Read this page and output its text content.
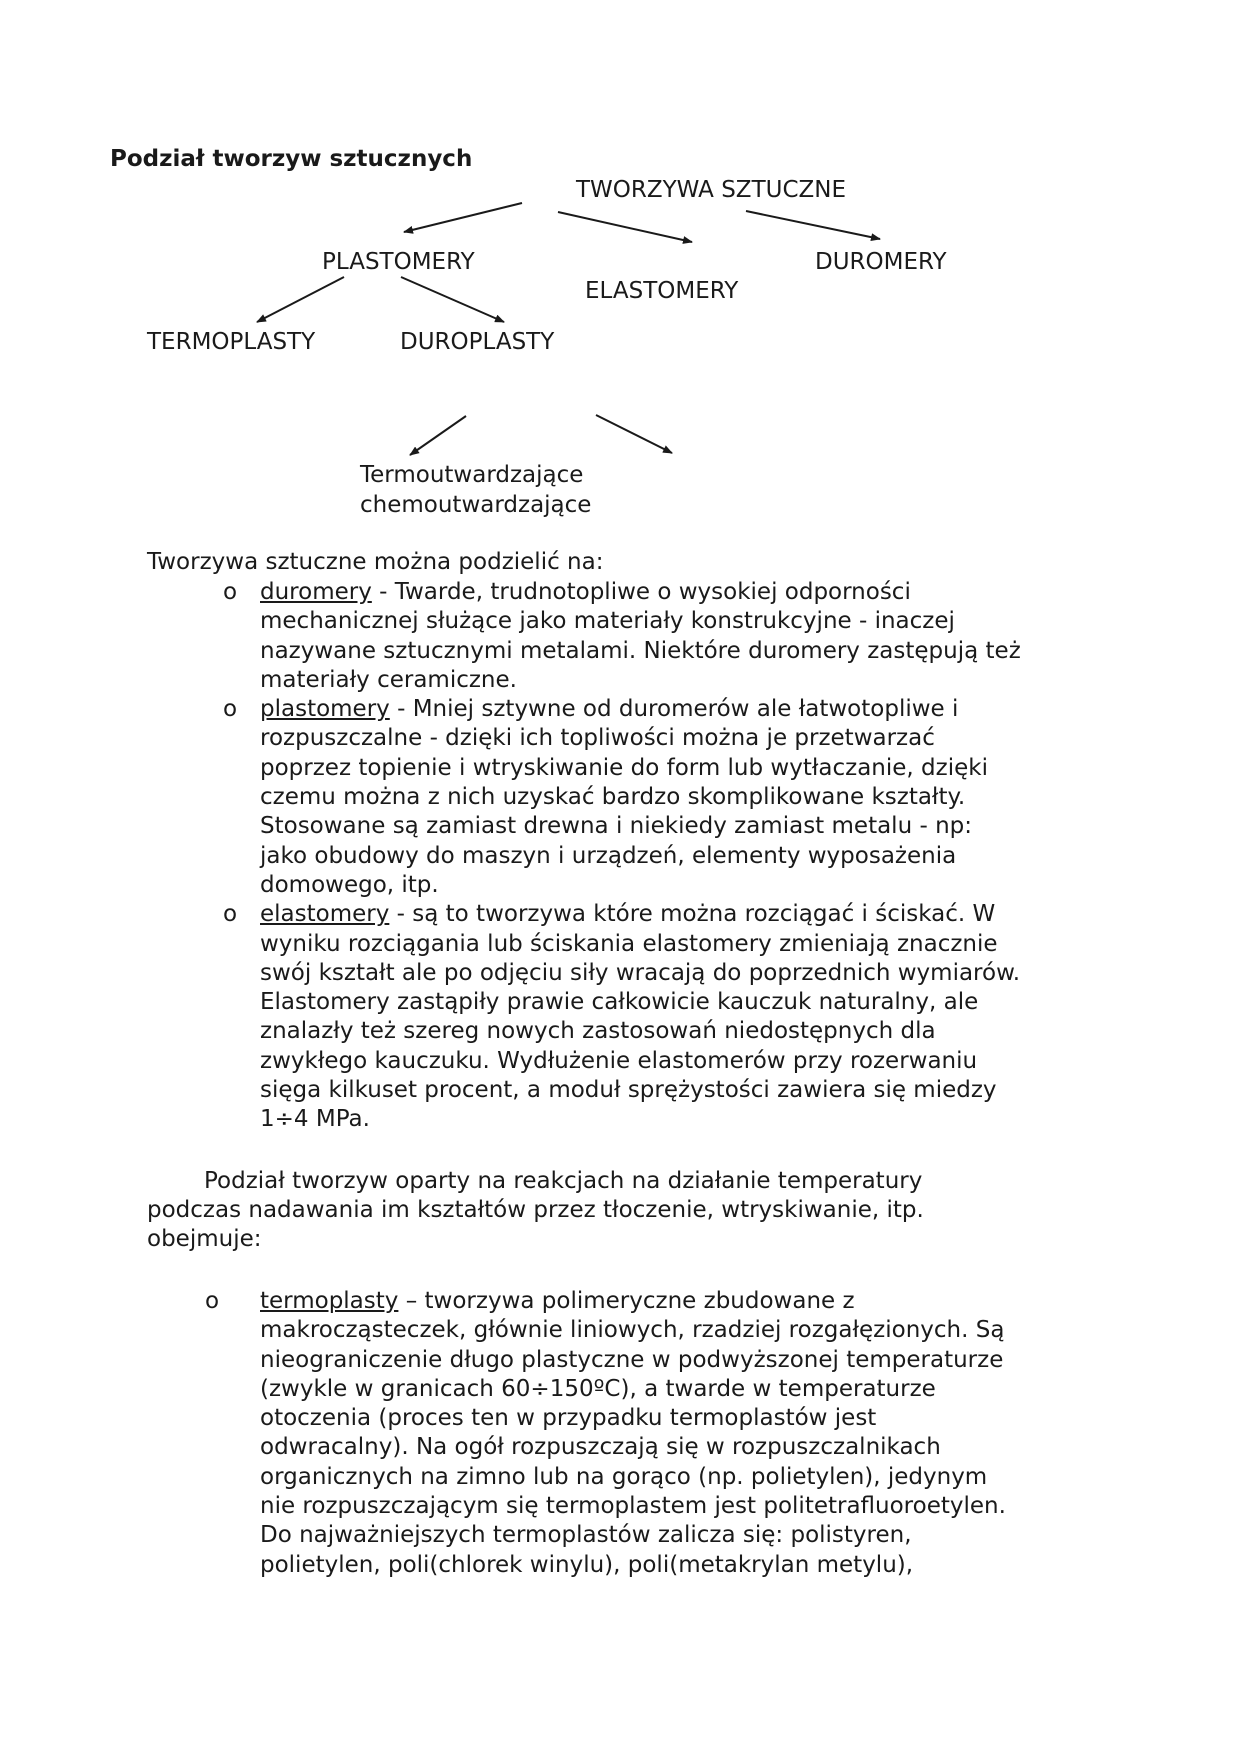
Podział tworzyw sztucznych
TWORZYWA SZTUCZNE
PLASTOMERY
ELASTOMERY
DUROMERY
TERMOPLASTY	DUROPLASTY
Termoutwardzające
chemoutwardzające
Tworzywa sztuczne można podzielić na:
o duromery - Twarde, trudnotopliwe o wysokiej odporności
mechanicznej służące jako materiały konstrukcyjne - inaczej
nazywane sztucznymi metalami. Niektóre duromery zastępują też
materiały ceramiczne.
o plastomery - Mniej sztywne od duromerów ale łatwotopliwe i
rozpuszczalne - dzięki ich topliwości można je przetwarzać
poprzez topienie i wtryskiwanie do form lub wytłaczanie, dzięki
czemu można z nich uzyskać bardzo skomplikowane kształty.
Stosowane są zamiast drewna i niekiedy zamiast metalu - np:
jako obudowy do maszyn i urządzeń, elementy wyposażenia
domowego, itp.
o elastomery - są to tworzywa które można rozciągać i ściskać. W
wyniku rozciągania lub ściskania elastomery zmieniają znacznie
swój kształt ale po odjęciu siły wracają do poprzednich wymiarów.
Elastomery zastąpiły prawie całkowicie kauczuk naturalny, ale
znalazły też szereg nowych zastosowań niedostępnych dla
zwykłego kauczuku. Wydłużenie elastomerów przy rozerwaniu
sięga kilkuset procent, a moduł sprężystości zawiera się miedzy
1÷4 MPa.
Podział tworzyw oparty na reakcjach na działanie temperatury
podczas nadawania im kształtów przez tłoczenie, wtryskiwanie, itp.
obejmuje:
o termoplasty – tworzywa polimeryczne zbudowane z
makrocząsteczek, głównie liniowych, rzadziej rozgałęzionych. Są
nieograniczenie długo plastyczne w podwyższonej temperaturze
(zwykle w granicach 60÷150ºC), a twarde w temperaturze
otoczenia (proces ten w przypadku termoplastów jest
odwracalny). Na ogół rozpuszczają się w rozpuszczalnikach
organicznych na zimno lub na gorąco (np. polietylen), jedynym
nie rozpuszczającym się termoplastem jest politetrafluoroetylen.
Do najważniejszych termoplastów zalicza się: polistyren,
polietylen, poli(chlorek winylu), poli(metakrylan metylu),
